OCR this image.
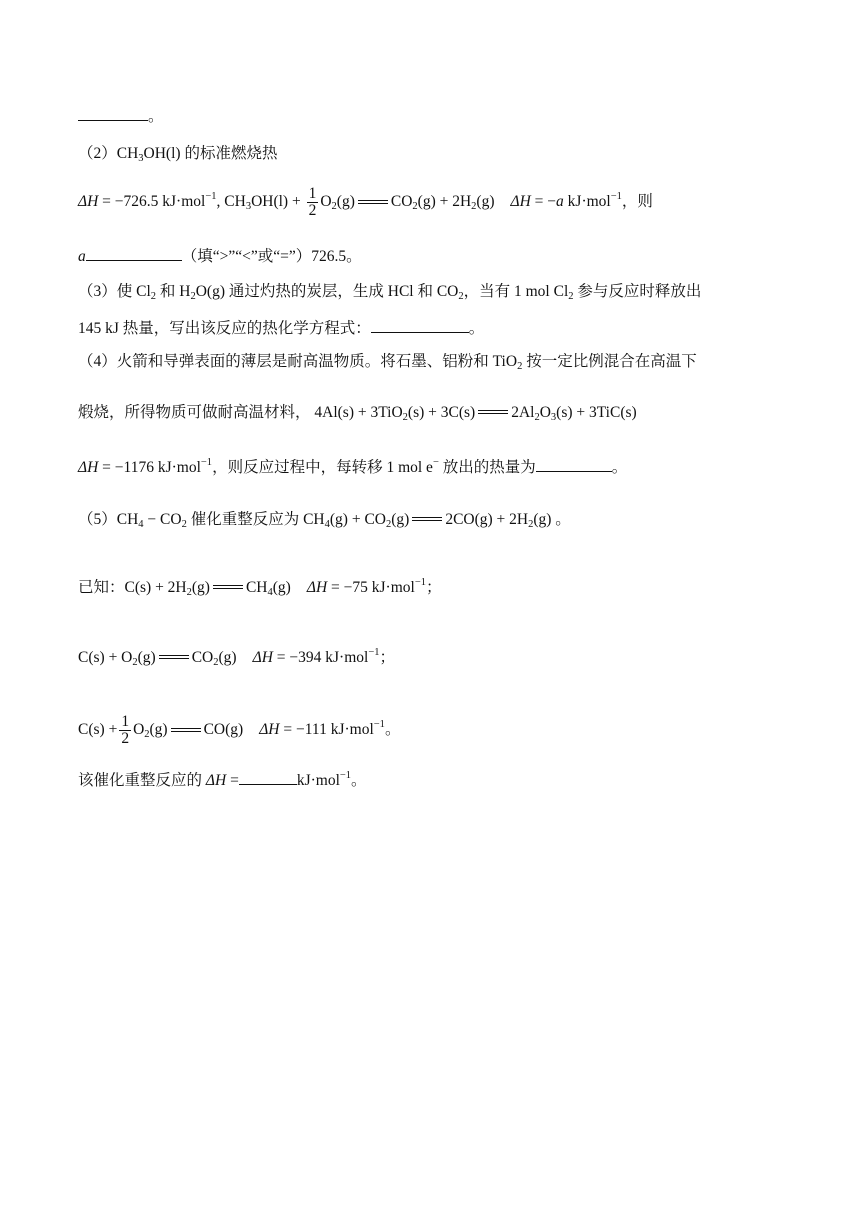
。
$(2)CH_3OH(l)$ 的标准燃烧热
ΔH = −726.5 kJ·mol$^{-1}$, $CH_3OH(l) + \frac{1}{2} O_2(g) CO_2(g) + 2H_2(g) \Delta H = -a$ kJ·mol$^{-1}$，则
a	（填“>”“<”或“=”）726.5。
（3）使 $Cl_2$ 和 $H_2O(g)$ 通过灼热的炭层，生成 HCl 和 $CO_2$，当有 1 mol $Cl_2$ 参与反应时释放出
145 kJ 热量，写出该反应的热化学方程式：	。
（4）火箭和导弹表面的薄层是耐高温物质。将石墨、铝粉和 TiO$_2$ 按一定比例混合在高温下
煅烧，所得物质可做耐高温材料， 4Al(s) + 3TiO$_2$(s) + 3C(s) $2Al_2O_3(s) + 3TiC(s)$
ΔH = −1176 kJ·mol$^{-1}$，则反应过程中，每转移 1 mol e− 放出的热量为	。
$(5)CH_4 - CO_2$ 催化重整反应为 $CH_4(g) + CO_2(g) 2CO(g) + 2H_2(g)$ 。
已知：$C(s) + 2H_2(g)$ $CH_4(g) \Delta H = -75$ kJ·mol$^{-1}$；
$C(s) + O_2(g)$ $CO_2(g) \Delta H = -394$ kJ·mol$^{-1}$；
$C(s) + \frac{1}{2} O_2(g)$ CO(g) ΔH = −111 kJ·mol$^{-1}$。
该催化重整反应的 ΔH =	kJ·mol$^{-1}$。
